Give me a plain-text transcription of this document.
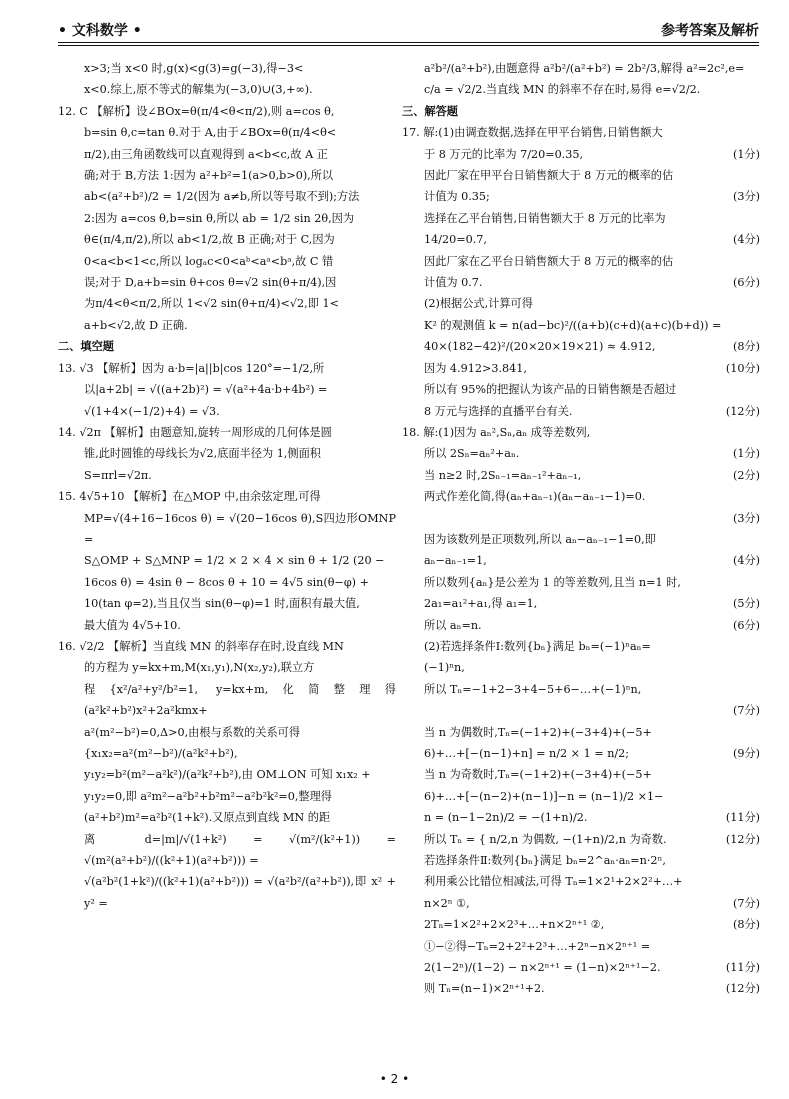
• 文科数学 •	参考答案及解析

x>3;当 x<0 时,g(x)<g(3)=g(−3),得−3<

x<0.综上,原不等式的解集为(−3,0)∪(3,+∞).

12. C 【解析】设∠BOx=θ(π/4<θ<π/2),则 a=cos θ,

b=sin θ,c=tan θ.对于 A,由于∠BOx=θ(π/4<θ<

π/2),由三角函数线可以直观得到 a<b<c,故 A 正

确;对于 B,方法 1:因为 a²+b²=1(a>0,b>0),所以

ab<(a²+b²)/2 = 1/2(因为 a≠b,所以等号取不到);方法

2:因为 a=cos θ,b=sin θ,所以 ab = 1/2 sin 2θ,因为

θ∈(π/4,π/2),所以 ab<1/2,故 B 正确;对于 C,因为

0<a<b<1<c,所以 logₐc<0<aᵇ<aᵃ<bᵃ,故 C 错

误;对于 D,a+b=sin θ+cos θ=√2 sin(θ+π/4),因

为π/4<θ<π/2,所以 1<√2 sin(θ+π/4)<√2,即 1<

a+b<√2,故 D 正确.

二、填空题

13. √3 【解析】因为 a·b=|a||b|cos 120°=−1/2,所

以|a+2b| = √((a+2b)²) = √(a²+4a·b+4b²) =

√(1+4×(−1/2)+4) = √3.

14. √2π 【解析】由题意知,旋转一周形成的几何体是圆

锥,此时圆锥的母线长为√2,底面半径为 1,侧面积

S=πrl=√2π.

15. 4√5+10 【解析】在△MOP 中,由余弦定理,可得

MP=√(4+16−16cos θ) = √(20−16cos θ),S四边形OMNP =

S△OMP + S△MNP = 1/2 × 2 × 4 × sin θ + 1/2 (20 −

16cos θ) = 4sin θ − 8cos θ + 10 = 4√5 sin(θ−φ) +

10(tan φ=2),当且仅当 sin(θ−φ)=1 时,面积有最大值,

最大值为 4√5+10.

16. √2/2 【解析】当直线 MN 的斜率存在时,设直线 MN

的方程为 y=kx+m,M(x₁,y₁),N(x₂,y₂),联立方

程{x²/a²+y²/b²=1, y=kx+m,化简整理得(a²k²+b²)x²+2a²kmx+

a²(m²−b²)=0,Δ>0,由根与系数的关系可得

{x₁x₂=a²(m²−b²)/(a²k²+b²), y₁y₂=b²(m²−a²k²)/(a²k²+b²),由 OM⊥ON 可知 x₁x₂ +

y₁y₂=0,即 a²m²−a²b²+b²m²−a²b²k²=0,整理得

(a²+b²)m²=a²b²(1+k²).又原点到直线 MN 的距

离 d=|m|/√(1+k²) = √(m²/(k²+1)) = √(m²(a²+b²)/((k²+1)(a²+b²))) =

√(a²b²(1+k²)/((k²+1)(a²+b²))) = √(a²b²/(a²+b²)),即 x² + y² =

a²b²/(a²+b²),由题意得 a²b²/(a²+b²) = 2b²/3,解得 a²=2c²,e=
c/a = √2/2.当直线 MN 的斜率不存在时,易得 e=√2/2.
三、解答题
17. 解:(1)由调查数据,选择在甲平台销售,日销售额大
于 8 万元的比率为 7/20=0.35,	(1分)
因此厂家在甲平台日销售额大于 8 万元的概率的估
计值为 0.35;	(3分)
选择在乙平台销售,日销售额大于 8 万元的比率为
14/20=0.7,	(4分)
因此厂家在乙平台日销售额大于 8 万元的概率的估
计值为 0.7.	(6分)
(2)根据公式,计算可得
K² 的观测值 k = n(ad−bc)²/((a+b)(c+d)(a+c)(b+d)) =
40×(182−42)²/(20×20×19×21) ≈ 4.912,	(8分)
因为 4.912>3.841,	(10分)
所以有 95%的把握认为该产品的日销售额是否超过
8 万元与选择的直播平台有关.	(12分)
18. 解:(1)因为 aₙ²,Sₙ,aₙ 成等差数列,
所以 2Sₙ=aₙ²+aₙ.	(1分)
当 n≥2 时,2Sₙ₋₁=aₙ₋₁²+aₙ₋₁,	(2分)
两式作差化简,得(aₙ+aₙ₋₁)(aₙ−aₙ₋₁−1)=0.
(3分)
因为该数列是正项数列,所以 aₙ−aₙ₋₁−1=0,即
aₙ−aₙ₋₁=1,	(4分)
所以数列{aₙ}是公差为 1 的等差数列,且当 n=1 时,
2a₁=a₁²+a₁,得 a₁=1,	(5分)
所以 aₙ=n.	(6分)
(2)若选择条件Ⅰ:数列{bₙ}满足 bₙ=(−1)ⁿaₙ=
(−1)ⁿn,
所以 Tₙ=−1+2−3+4−5+6−…+(−1)ⁿn,
(7分)
当 n 为偶数时,Tₙ=(−1+2)+(−3+4)+(−5+
6)+…+[−(n−1)+n] = n/2 × 1 = n/2;	(9分)
当 n 为奇数时,Tₙ=(−1+2)+(−3+4)+(−5+
6)+…+[−(n−2)+(n−1)]−n = (n−1)/2 ×1−
n = (n−1−2n)/2 = −(1+n)/2.	(11分)
所以 Tₙ = { n/2,n 为偶数, −(1+n)/2,n 为奇数.	(12分)
若选择条件Ⅱ:数列{bₙ}满足 bₙ=2^aₙ·aₙ=n·2ⁿ,
利用乘公比错位相减法,可得 Tₙ=1×2¹+2×2²+…+
n×2ⁿ ①,	(7分)
2Tₙ=1×2²+2×2³+…+n×2ⁿ⁺¹ ②,	(8分)
①−②得−Tₙ=2+2²+2³+…+2ⁿ−n×2ⁿ⁺¹ =
2(1−2ⁿ)/(1−2) − n×2ⁿ⁺¹ = (1−n)×2ⁿ⁺¹−2.	(11分)
则 Tₙ=(n−1)×2ⁿ⁺¹+2.	(12分)
• 2 •
